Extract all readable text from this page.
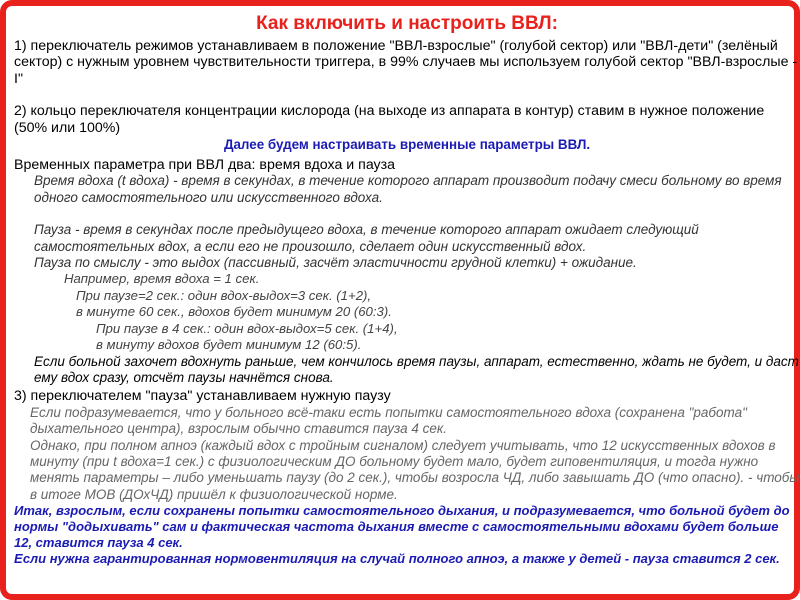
Как включить и настроить ВВЛ:
1) переключатель режимов устанавливаем в положение "ВВЛ-взрослые" (голубой сектор) или "ВВЛ-дети" (зелёный сектор) с нужным уровнем чувствительности триггера, в 99% случаев мы используем голубой сектор "ВВЛ-взрослые - I"
2) кольцо переключателя концентрации кислорода (на выходе из аппарата в контур) ставим в нужное положение (50% или 100%)
Далее будем настраивать временные параметры ВВЛ.
Временных параметра при ВВЛ два: время вдоха и пауза
Время вдоха (t вдоха) - время в секундах, в течение которого аппарат производит подачу смеси больному во время одного самостоятельного или искусственного вдоха.
Пауза - время в секундах после предыдущего вдоха, в течение которого аппарат ожидает следующий самостоятельных вдох, а если его не произошло, сделает один искусственный вдох.
Пауза по смыслу - это выдох (пассивный, засчёт эластичности грудной клетки) + ожидание.
Например, время вдоха = 1 сек.
При паузе=2 сек.: один вдох-выдох=3 сек. (1+2),
в минуте 60 сек., вдохов будет минимум 20 (60:3).
При паузе в 4 сек.: один вдох-выдох=5 сек. (1+4),
в минуту вдохов будет минимум 12 (60:5).
Если больной захочет вдохнуть раньше, чем кончилось время паузы, аппарат, естественно, ждать не будет, и даст ему вдох сразу, отсчёт паузы начнётся снова.
3) переключателем "пауза" устанавливаем нужную паузу
Если подразумевается, что у больного всё-таки есть попытки самостоятельного вдоха (сохранена "работа" дыхательного центра), взрослым обычно ставится пауза 4 сек.
Однако, при полном апноэ (каждый вдох с тройным сигналом) следует учитывать, что 12 искусственных вдохов в минуту (при t вдоха=1 сек.) с физиологическим ДО больному будет мало, будет гиповентиляция, и тогда нужно менять параметры – либо уменьшать паузу (до 2 сек.), чтобы возросла ЧД, либо завышать ДО (что опасно). - чтобы в итоге МОВ (ДОхЧД) пришёл к физиологической норме.
Итак, взрослым, если сохранены попытки самостоятельного дыхания, и подразумевается, что больной будет до нормы "додыхивать" сам и фактическая частота дыхания вместе с самостоятельными вдохами будет больше 12, ставится пауза 4 сек.
Если нужна гарантированная нормовентиляция на случай полного апноэ, а также у детей - пауза ставится 2 сек.
